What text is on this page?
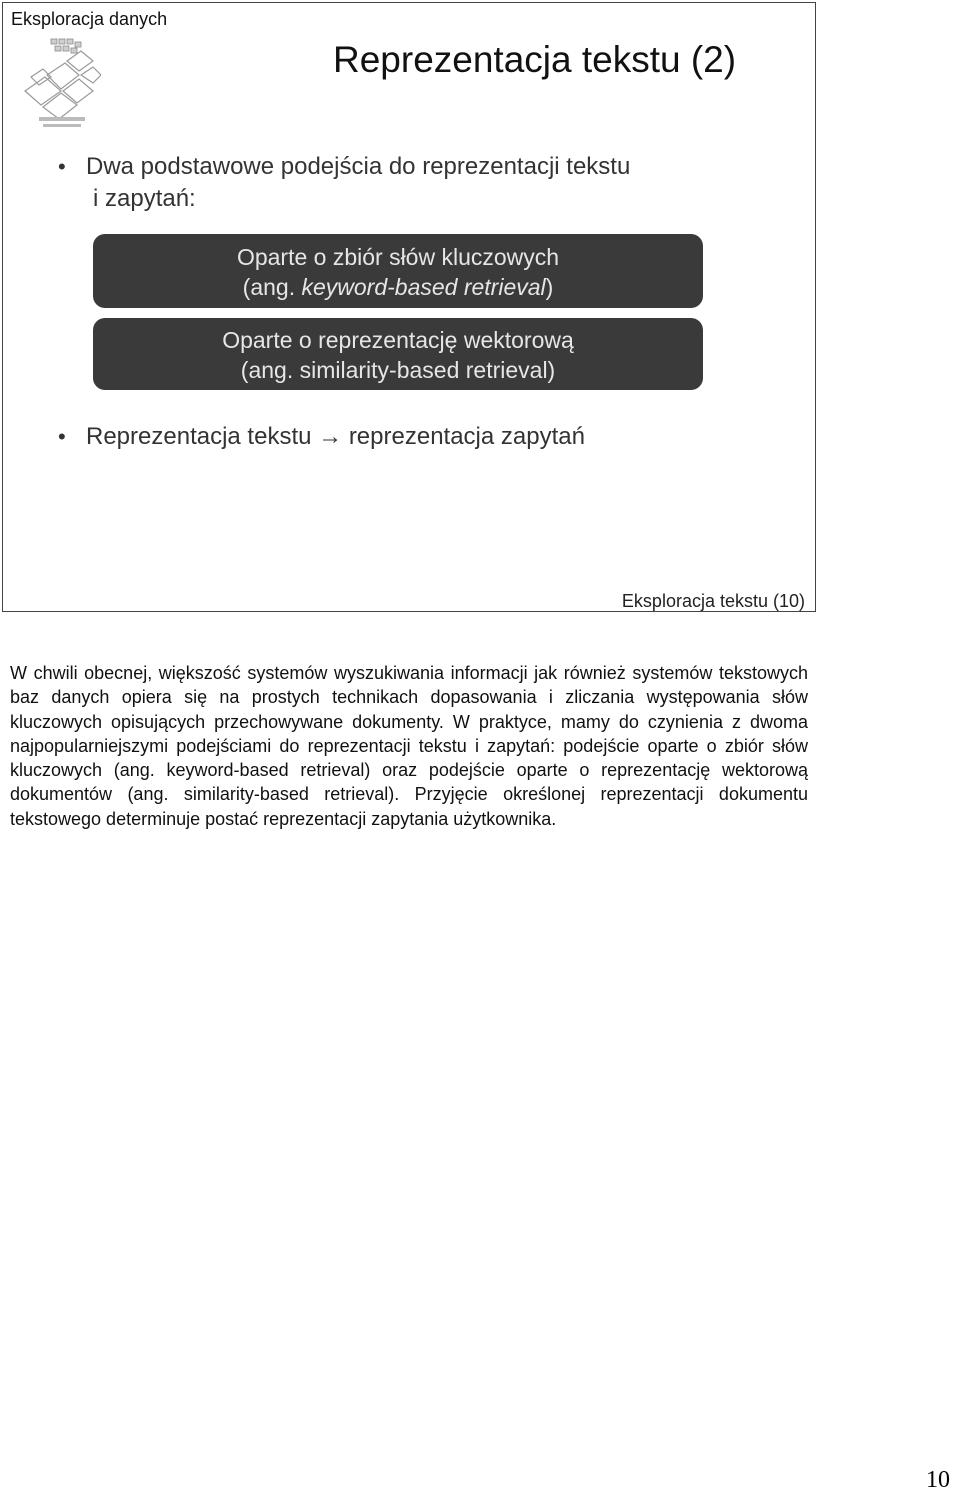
Eksploracja danych
Reprezentacja tekstu (2)
• Dwa podstawowe podejścia do reprezentacji tekstu
i zapytań:
Oparte o zbiór słów kluczowych
(ang. keyword-based retrieval)
Oparte o reprezentację wektorową
(ang. similarity-based retrieval)
• Reprezentacja tekstu → reprezentacja zapytań
Eksploracja tekstu (10)
W chwili obecnej, większość systemów wyszukiwania informacji jak również systemów tekstowych baz danych opiera się na prostych technikach dopasowania i zliczania występowania słów kluczowych opisujących przechowywane dokumenty. W praktyce, mamy do czynienia z dwoma najpopularniejszymi podejściami do reprezentacji tekstu i zapytań: podejście oparte o zbiór słów kluczowych (ang. keyword-based retrieval) oraz podejście oparte o reprezentację wektorową dokumentów (ang. similarity-based retrieval). Przyjęcie określonej reprezentacji dokumentu tekstowego determinuje postać reprezentacji zapytania użytkownika.
10
